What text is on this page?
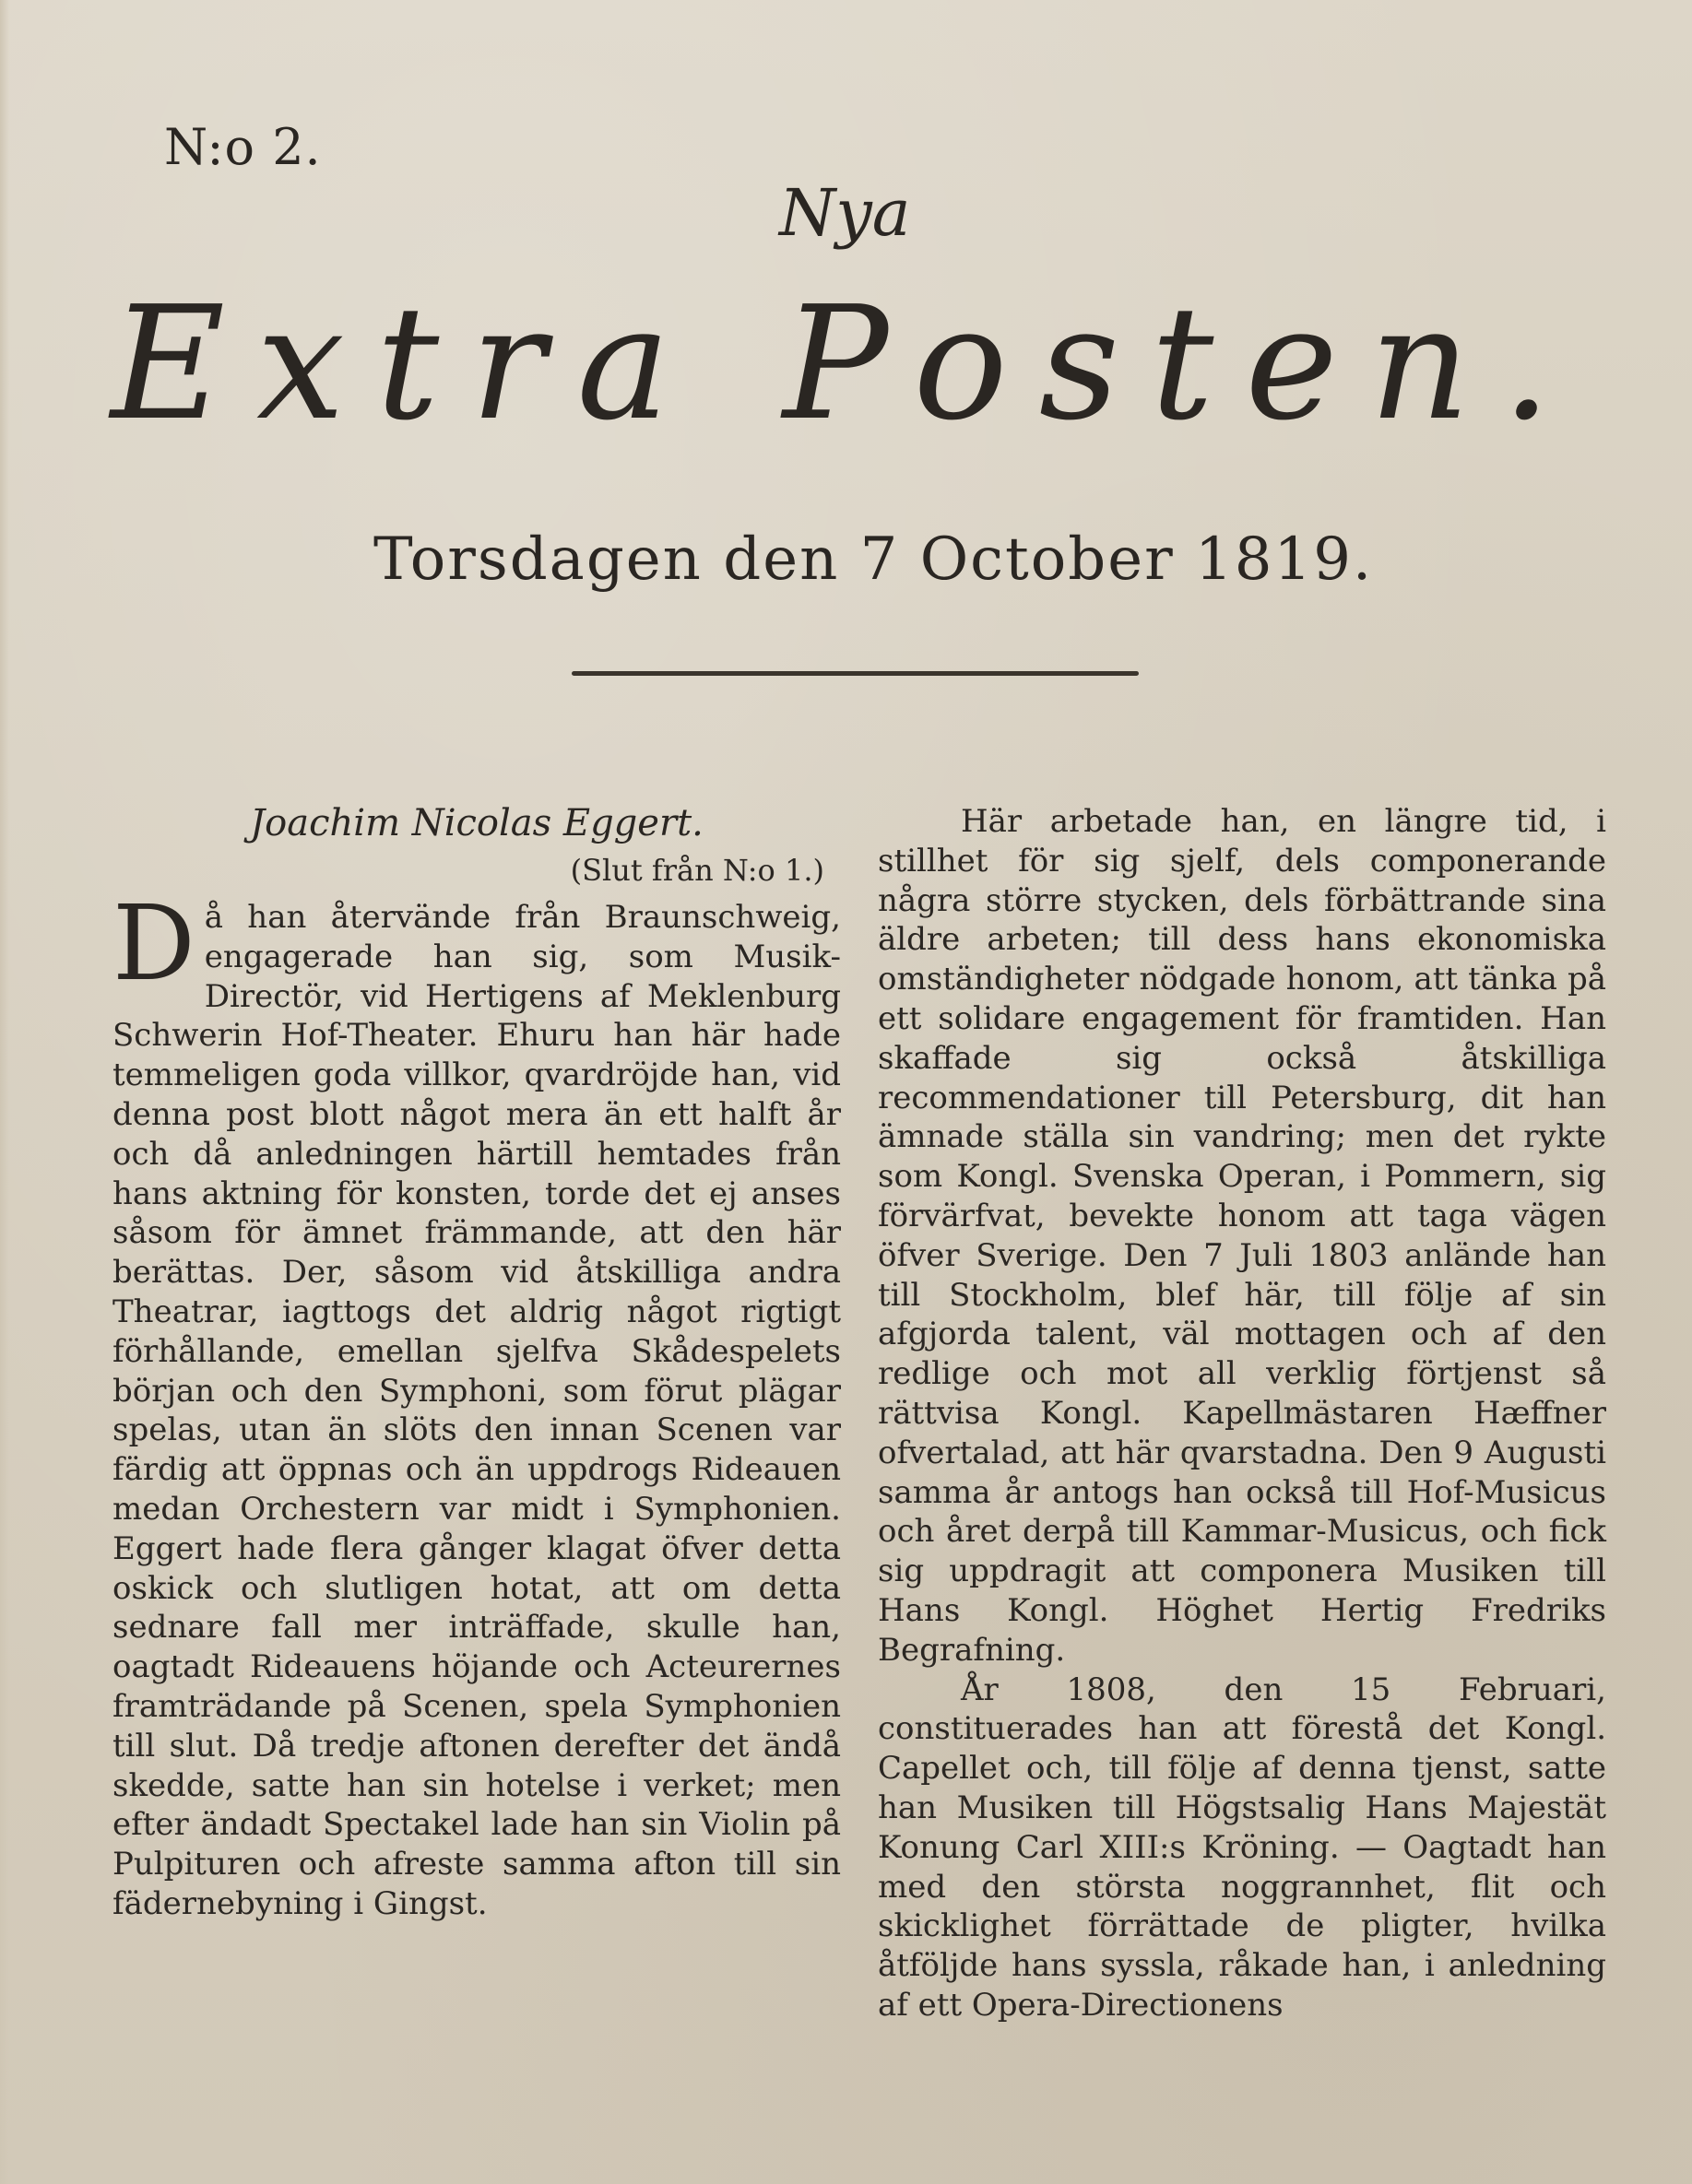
N:o 2.
Nya
Extra Posten.
Torsdagen den 7 October 1819.
Joachim Nicolas Eggert.
(Slut från N:o 1.)

Då han återvände från Braunschweig, engagerade han sig, som Musik-Directör, vid Hertigens af Meklenburg Schwerin Hof-Theater. Ehuru han här hade temmeligen goda villkor, qvardröjde han, vid denna post blott något mera än ett halft år och då anledningen härtill hemtades från hans aktning för konsten, torde det ej anses såsom för ämnet främmande, att den här berättas. Der, såsom vid åtskilliga andra Theatrar, iagttogs det aldrig något rigtigt förhållande, emellan sjelfva Skådespelets början och den Symphoni, som förut plägar spelas, utan än slöts den innan Scenen var färdig att öppnas och än uppdrogs Rideauen medan Orchestern var midt i Symphonien. Eggert hade flera gånger klagat öfver detta oskick och slutligen hotat, att om detta sednare fall mer inträffade, skulle han, oagtadt Rideauens höjande och Acteurernes framträdande på Scenen, spela Symphonien till slut. Då tredje aftonen derefter det ändå skedde, satte han sin hotelse i verket; men efter ändadt Spectakel lade han sin Violin på Pulpituren och afreste samma afton till sin fädernebyning i Gingst.

Här arbetade han, en längre tid, i stillhet för sig sjelf, dels componerande några större stycken, dels förbättrande sina äldre arbeten; till dess hans ekonomiska omständigheter nödgade honom, att tänka på ett solidare engagement för framtiden. Han skaffade sig också åtskilliga recommendationer till Petersburg, dit han ämnade ställa sin vandring; men det rykte som Kongl. Svenska Operan, i Pommern, sig förvärfvat, bevekte honom att taga vägen öfver Sverige. Den 7 Juli 1803 anlände han till Stockholm, blef här, till följe af sin afgjorda talent, väl mottagen och af den redlige och mot all verklig förtjenst så rättvisa Kongl. Kapellmästaren Hæffner ofvertalad, att här qvarstadna. Den 9 Augusti samma år antogs han också till Hof-Musicus och året derpå till Kammar-Musicus, och fick sig uppdragit att componera Musiken till Hans Kongl. Höghet Hertig Fredriks Begrafning.

År 1808, den 15 Februari, constituerades han att förestå det Kongl. Capellet och, till följe af denna tjenst, satte han Musiken till Högstsalig Hans Majestät Konung Carl XIII:s Kröning. — Oagtadt han med den största noggrannhet, flit och skicklighet förrättade de pligter, hvilka åtföljde hans syssla, råkade han, i anledning af ett Opera-Directionens
